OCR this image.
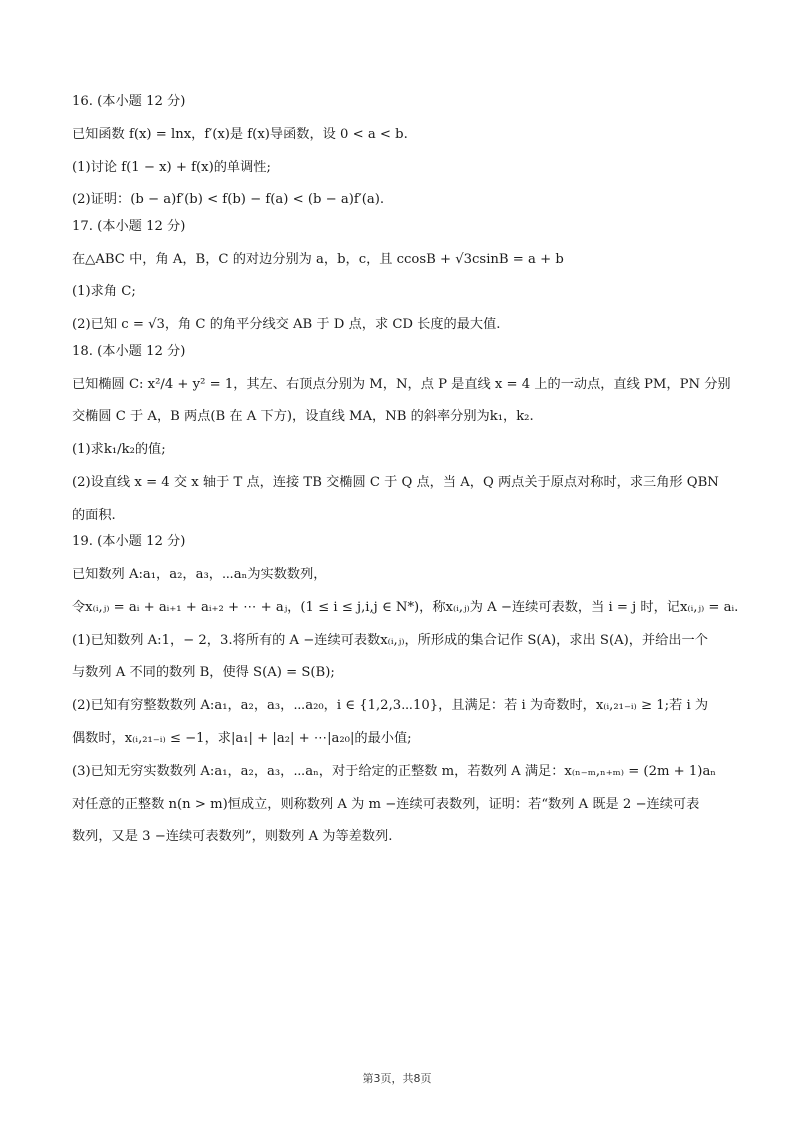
16. (本小题 12 分)
已知函数 f(x) = lnx，f′(x)是 f(x)导函数，设 0 < a < b.
(1)讨论 f(1 − x) + f(x)的单调性;
(2)证明：(b − a)f′(b) < f(b) − f(a) < (b − a)f′(a).
17. (本小题 12 分)
在△ABC 中，角 A，B，C 的对边分别为 a，b，c，且 ccosB + √3csinB = a + b
(1)求角 C;
(2)已知 c = √3，角 C 的角平分线交 AB 于 D 点，求 CD 长度的最大值.
18. (本小题 12 分)
已知椭圆 C: x²/4 + y² = 1，其左、右顶点分别为 M，N，点 P 是直线 x = 4 上的一动点，直线 PM，PN 分别
交椭圆 C 于 A，B 两点(B 在 A 下方)，设直线 MA，NB 的斜率分别为k₁，k₂.
(1)求k₁/k₂的值;
(2)设直线 x = 4 交 x 轴于 T 点，连接 TB 交椭圆 C 于 Q 点，当 A，Q 两点关于原点对称时，求三角形 QBN
的面积.
19. (本小题 12 分)
已知数列 A:a₁，a₂，a₃，⋯aₙ为实数数列，
令x₍ᵢ,ⱼ₎ = aᵢ + aᵢ₊₁ + aᵢ₊₂ + ⋯ + aⱼ，(1 ≤ i ≤ j,i,j ∈ N*)，称x₍ᵢ,ⱼ₎为 A −连续可表数，当 i = j 时，记x₍ᵢ,ⱼ₎ = aᵢ.
(1)已知数列 A:1，− 2，3.将所有的 A −连续可表数x₍ᵢ,ⱼ₎，所形成的集合记作 S(A)，求出 S(A)，并给出一个
与数列 A 不同的数列 B，使得 S(A) = S(B);
(2)已知有穷整数数列 A:a₁，a₂，a₃，⋯a₂₀，i ∈ {1,2,3⋯10}，且满足：若 i 为奇数时，x₍ᵢ,₂₁₋ᵢ₎ ≥ 1;若 i 为
偶数时，x₍ᵢ,₂₁₋ᵢ₎ ≤ −1，求|a₁| + |a₂| + ⋯|a₂₀|的最小值;
(3)已知无穷实数数列 A:a₁，a₂，a₃，⋯aₙ，对于给定的正整数 m，若数列 A 满足：x₍ₙ₋ₘ,ₙ₊ₘ₎ = (2m + 1)aₙ
对任意的正整数 n(n > m)恒成立，则称数列 A 为 m −连续可表数列，证明：若“数列 A 既是 2 −连续可表
数列，又是 3 −连续可表数列”，则数列 A 为等差数列.
第3页，共8页
